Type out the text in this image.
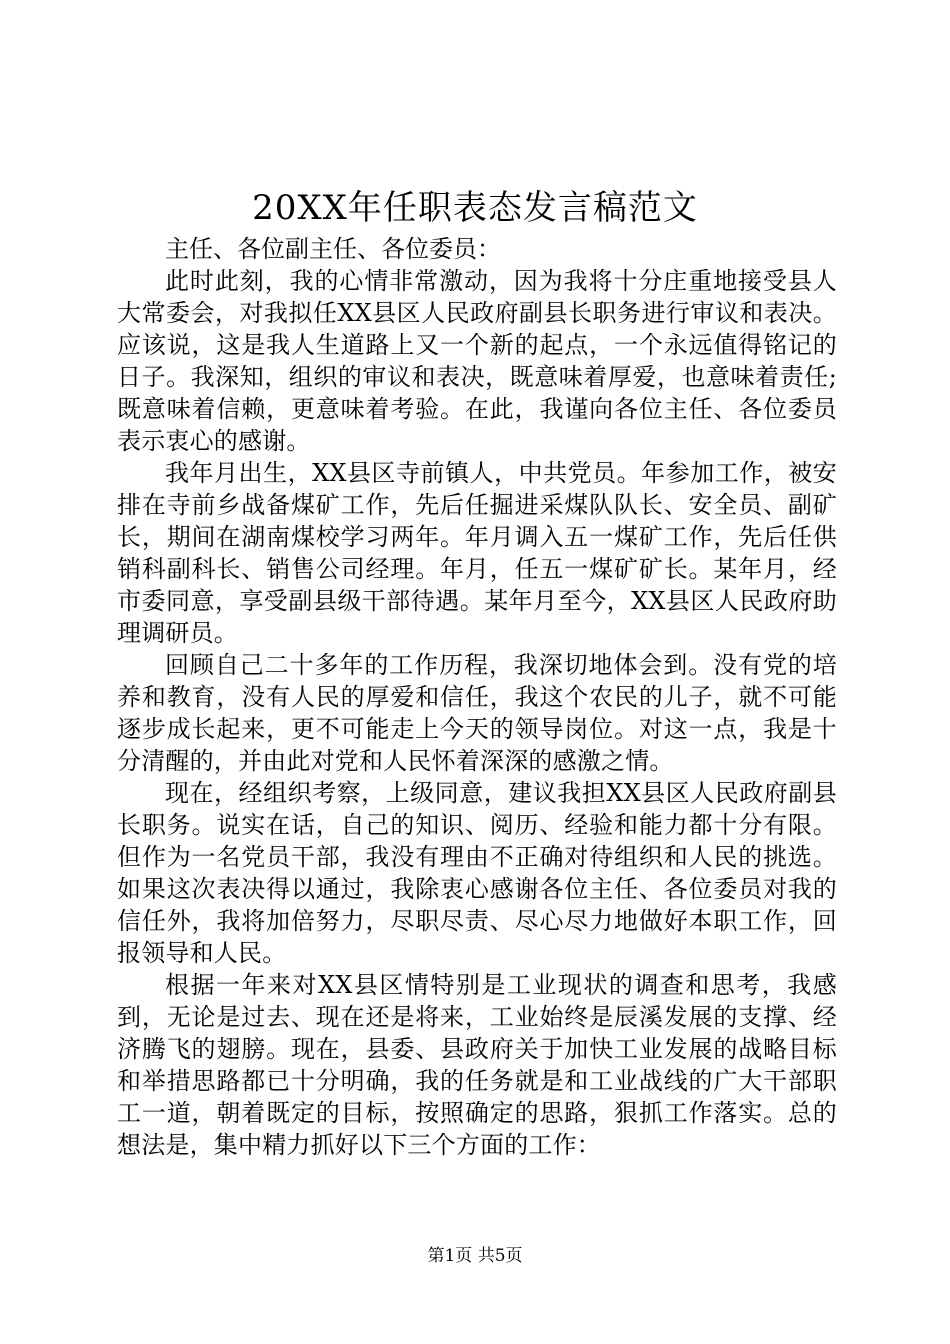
20XX年任职表态发言稿范文

主任、各位副主任、各位委员：

此时此刻，我的心情非常激动，因为我将十分庄重地接受县人大常委会，对我拟任XX县区人民政府副县长职务进行审议和表决。应该说，这是我人生道路上又一个新的起点，一个永远值得铭记的日子。我深知，组织的审议和表决，既意味着厚爱，也意味着责任;既意味着信赖，更意味着考验。在此，我谨向各位主任、各位委员表示衷心的感谢。

我年月出生，XX县区寺前镇人，中共党员。年参加工作，被安排在寺前乡战备煤矿工作，先后任掘进采煤队队长、安全员、副矿长，期间在湖南煤校学习两年。年月调入五一煤矿工作，先后任供销科副科长、销售公司经理。年月，任五一煤矿矿长。某年月，经市委同意，享受副县级干部待遇。某年月至今，XX县区人民政府助理调研员。

回顾自己二十多年的工作历程，我深切地体会到。没有党的培养和教育，没有人民的厚爱和信任，我这个农民的儿子，就不可能逐步成长起来，更不可能走上今天的领导岗位。对这一点，我是十分清醒的，并由此对党和人民怀着深深的感激之情。

现在，经组织考察，上级同意，建议我担XX县区人民政府副县长职务。说实在话，自己的知识、阅历、经验和能力都十分有限。但作为一名党员干部，我没有理由不正确对待组织和人民的挑选。如果这次表决得以通过，我除衷心感谢各位主任、各位委员对我的信任外，我将加倍努力，尽职尽责、尽心尽力地做好本职工作，回报领导和人民。

根据一年来对XX县区情特别是工业现状的调查和思考，我感到，无论是过去、现在还是将来，工业始终是辰溪发展的支撑、经济腾飞的翅膀。现在，县委、县政府关于加快工业发展的战略目标和举措思路都已十分明确，我的任务就是和工业战线的广大干部职工一道，朝着既定的目标，按照确定的思路，狠抓工作落实。总的想法是，集中精力抓好以下三个方面的工作：

第1页 共5页
